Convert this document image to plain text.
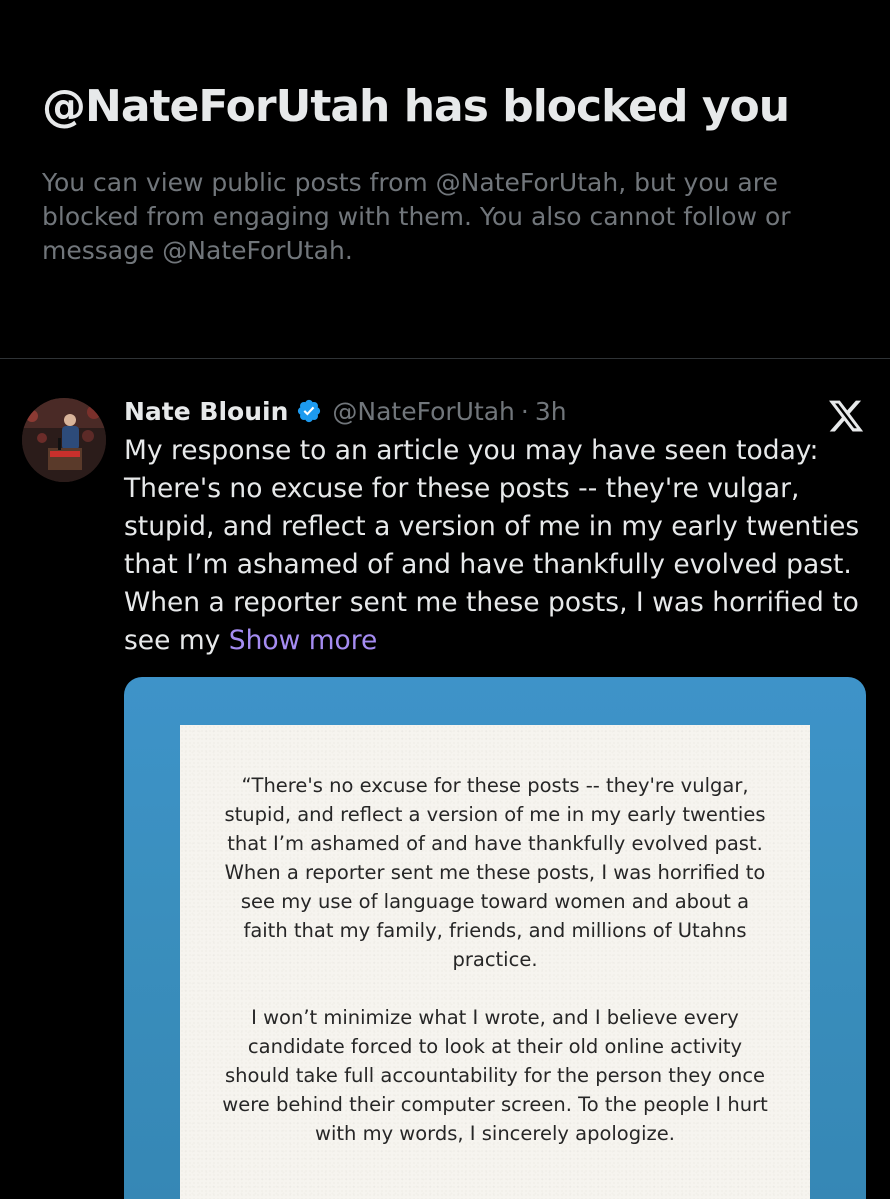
@NateForUtah has blocked you
You can view public posts from @NateForUtah, but you are blocked from engaging with them. You also cannot follow or message @NateForUtah.
Nate Blouin @NateForUtah · 3h
My response to an article you may have seen today: There's no excuse for these posts -- they're vulgar, stupid, and reflect a version of me in my early twenties that I’m ashamed of and have thankfully evolved past. When a reporter sent me these posts, I was horrified to see my Show more
“There's no excuse for these posts -- they're vulgar, stupid, and reflect a version of me in my early twenties that I’m ashamed of and have thankfully evolved past. When a reporter sent me these posts, I was horrified to see my use of language toward women and about a faith that my family, friends, and millions of Utahns practice.
I won’t minimize what I wrote, and I believe every candidate forced to look at their old online activity should take full accountability for the person they once were behind their computer screen. To the people I hurt with my words, I sincerely apologize.
